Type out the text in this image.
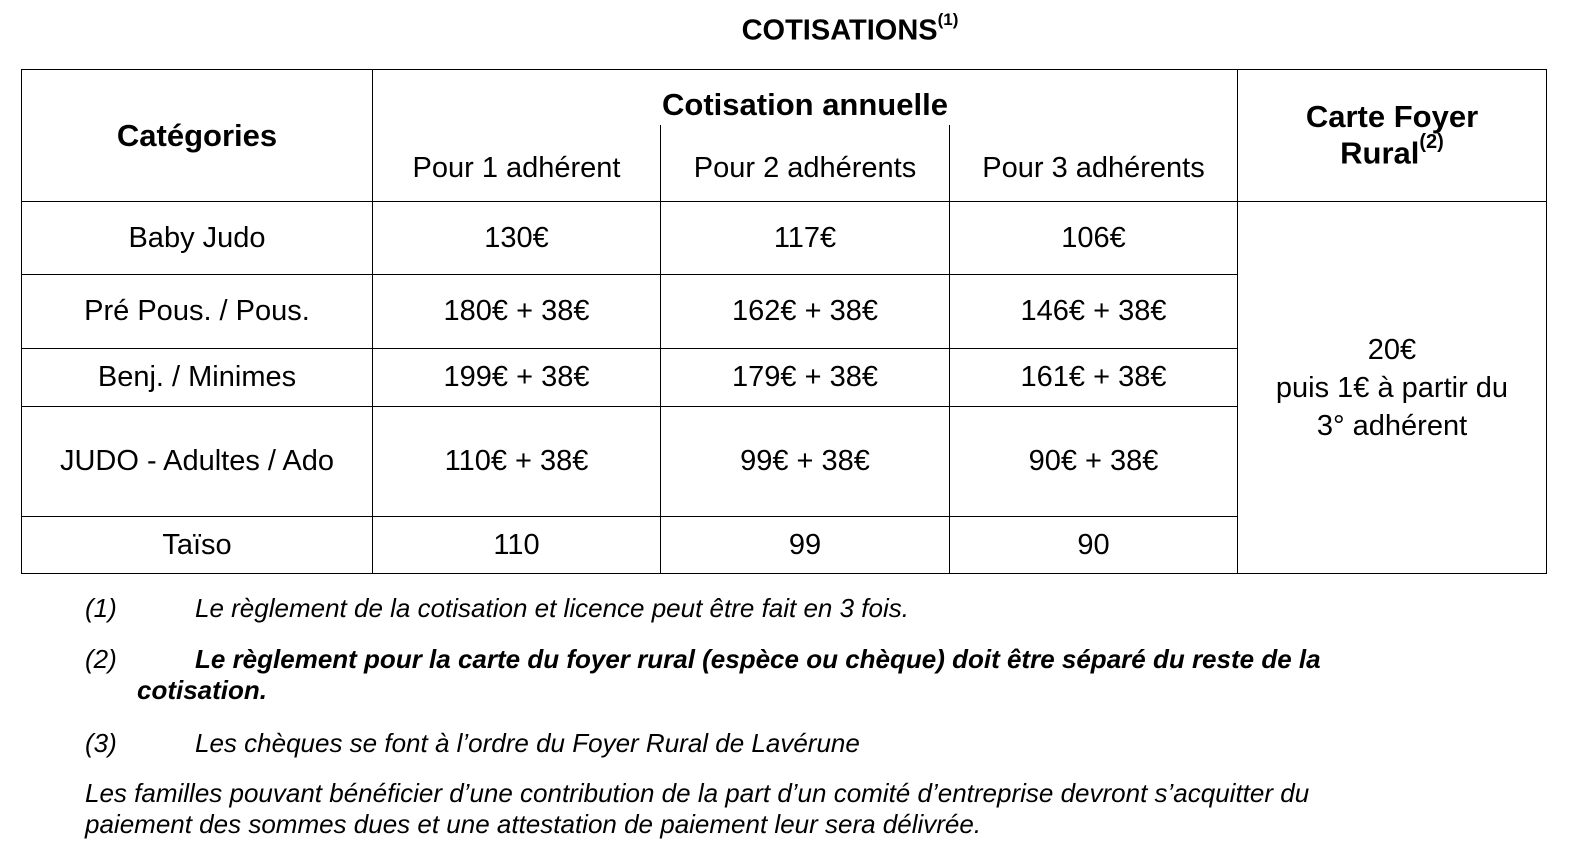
COTISATIONS$^{(1)}$
Catégories	Cotisation annuelle			Carte Foyer
Rural$^{(2)}$
	Pour 1 adhérent	Pour 2 adhérents	Pour 3 adhérents	
Baby Judo	130€	117€	106€	20€
puis 1€ à partir du
3° adhérent
Pré Pous. / Pous.	180€ + 38€	162€ + 38€	146€ + 38€	
Benj. / Minimes	199€ + 38€	179€ + 38€	161€ + 38€	
JUDO - Adultes / Ado	110€ + 38€	99€ + 38€	90€ + 38€	
Taïso	110	99	90	
(1)	Le règlement de la cotisation et licence peut être fait en 3 fois.
(2)	Le règlement pour la carte du foyer rural (espèce ou chèque) doit être séparé du reste de la
cotisation.
(3)	Les chèques se font à l’ordre du Foyer Rural de Lavérune
Les familles pouvant bénéficier d’une contribution de la part d’un comité d’entreprise devront s’acquitter du
paiement des sommes dues et une attestation de paiement leur sera délivrée.
